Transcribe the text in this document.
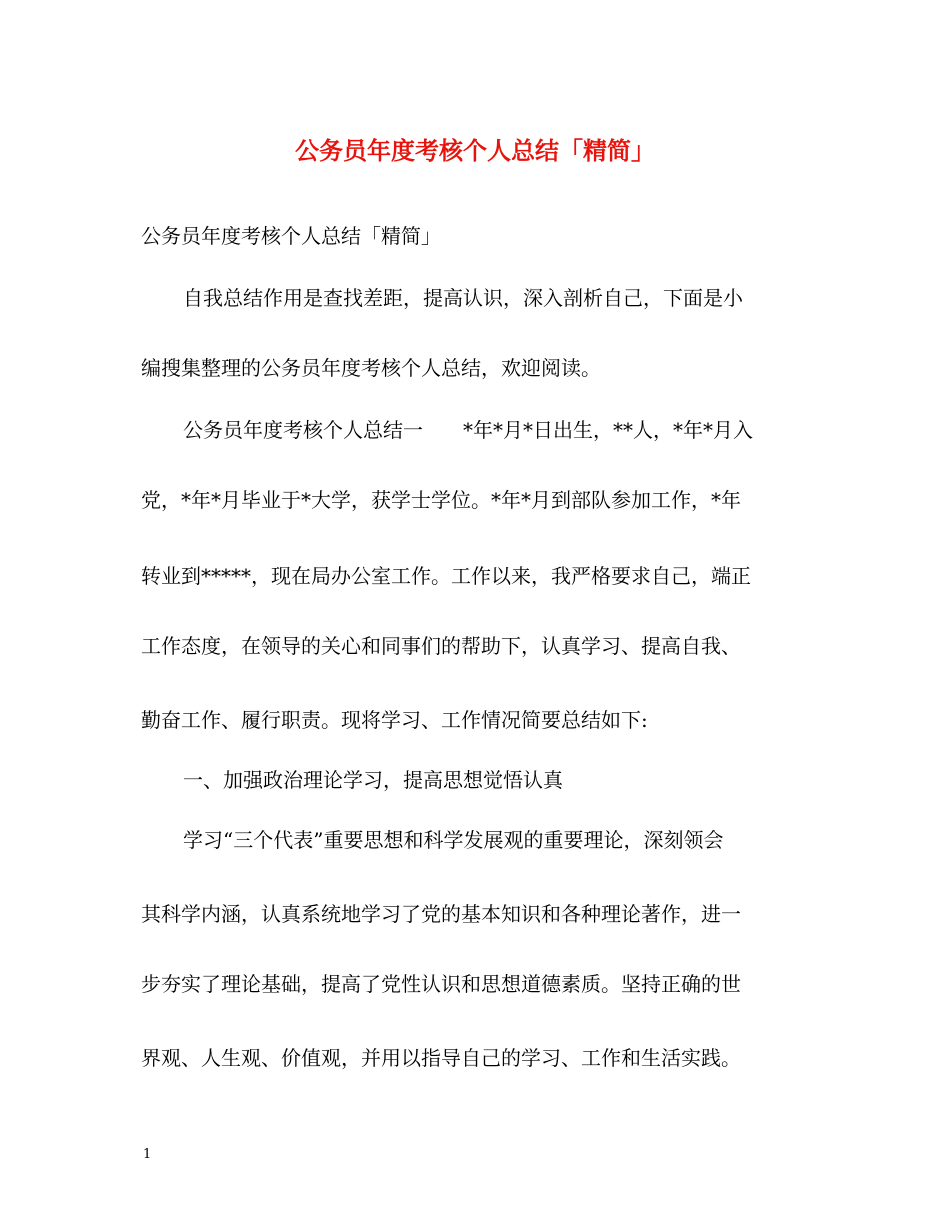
公务员年度考核个人总结「精简」
公务员年度考核个人总结「精简」
自我总结作用是查找差距，提高认识，深入剖析自己，下面是小
编搜集整理的公务员年度考核个人总结，欢迎阅读。
公务员年度考核个人总结一　　*年*月*日出生，**人，*年*月入
党，*年*月毕业于*大学，获学士学位。*年*月到部队参加工作，*年
转业到*****，现在局办公室工作。工作以来，我严格要求自己，端正
工作态度，在领导的关心和同事们的帮助下，认真学习、提高自我、
勤奋工作、履行职责。现将学习、工作情况简要总结如下:
一、加强政治理论学习，提高思想觉悟认真
学习“三个代表”重要思想和科学发展观的重要理论，深刻领会
其科学内涵，认真系统地学习了党的基本知识和各种理论著作，进一
步夯实了理论基础，提高了党性认识和思想道德素质。坚持正确的世
界观、人生观、价值观，并用以指导自己的学习、工作和生活实践。
1
